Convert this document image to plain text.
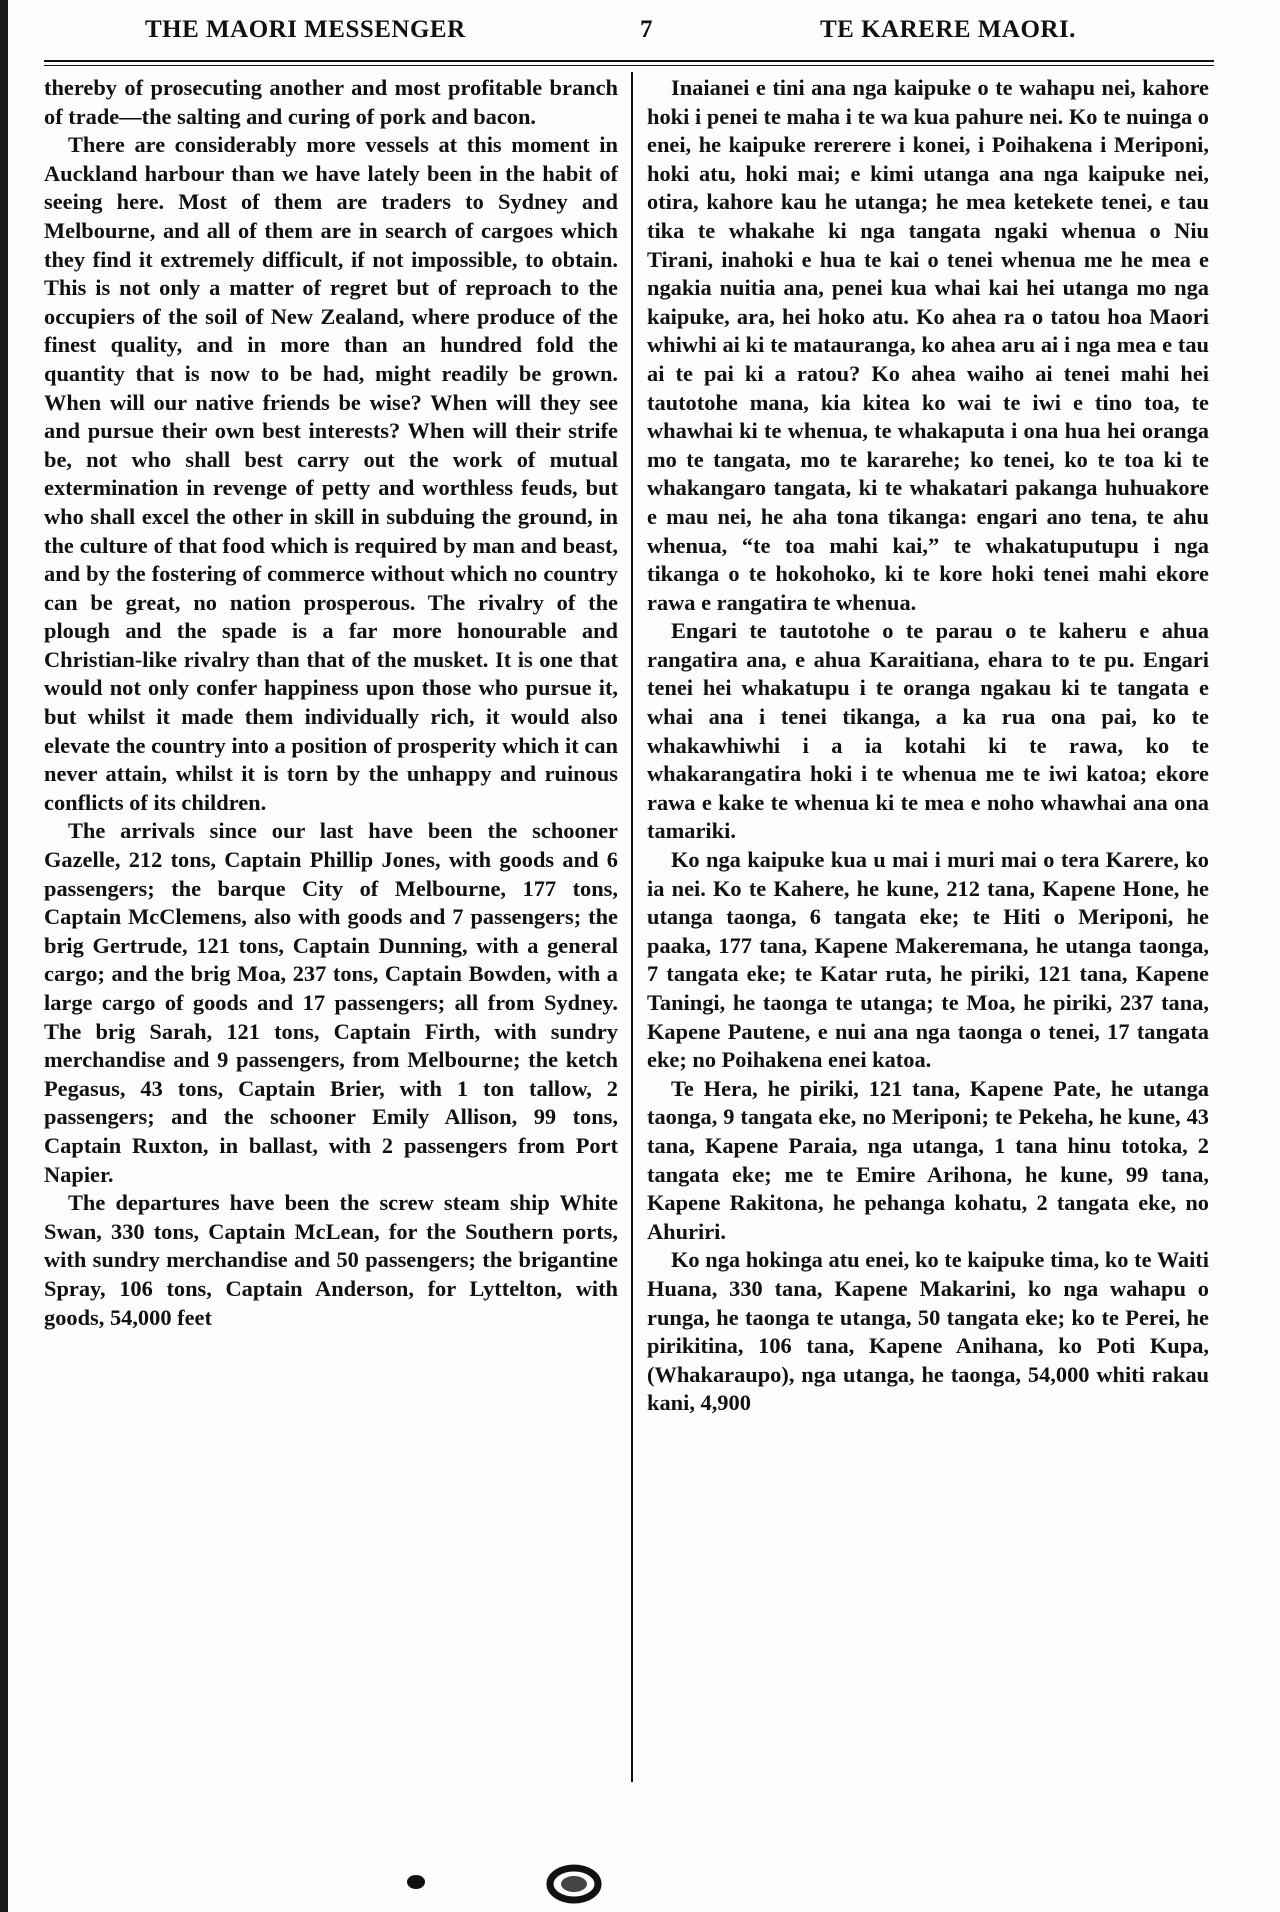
THE MAORI MESSENGER	7	TE KARERE MAORI.

thereby of prosecuting another and most profitable branch of trade—the salting and curing of pork and bacon.

There are considerably more vessels at this moment in Auckland harbour than we have lately been in the habit of seeing here. Most of them are traders to Sydney and Melbourne, and all of them are in search of cargoes which they find it extremely difficult, if not impossible, to obtain. This is not only a matter of regret but of reproach to the occupiers of the soil of New Zealand, where produce of the finest quality, and in more than an hundred fold the quantity that is now to be had, might readily be grown. When will our native friends be wise? When will they see and pursue their own best interests? When will their strife be, not who shall best carry out the work of mutual extermination in revenge of petty and worthless feuds, but who shall excel the other in skill in subduing the ground, in the culture of that food which is required by man and beast, and by the fostering of commerce without which no country can be great, no nation prosperous. The rivalry of the plough and the spade is a far more honourable and Christian-like rivalry than that of the musket. It is one that would not only confer happiness upon those who pursue it, but whilst it made them individually rich, it would also elevate the country into a position of prosperity which it can never attain, whilst it is torn by the unhappy and ruinous conflicts of its children.

The arrivals since our last have been the schooner Gazelle, 212 tons, Captain Phillip Jones, with goods and 6 passengers; the barque City of Melbourne, 177 tons, Captain McClemens, also with goods and 7 passengers; the brig Gertrude, 121 tons, Captain Dunning, with a general cargo; and the brig Moa, 237 tons, Captain Bowden, with a large cargo of goods and 17 passengers; all from Sydney. The brig Sarah, 121 tons, Captain Firth, with sundry merchandise and 9 passengers, from Melbourne; the ketch Pegasus, 43 tons, Captain Brier, with 1 ton tallow, 2 passengers; and the schooner Emily Allison, 99 tons, Captain Ruxton, in ballast, with 2 passengers from Port Napier.

The departures have been the screw steam ship White Swan, 330 tons, Captain McLean, for the Southern ports, with sundry merchandise and 50 passengers; the brigantine Spray, 106 tons, Captain Anderson, for Lyttelton, with goods, 54,000 feet

Inaianei e tini ana nga kaipuke o te wahapu nei, kahore hoki i penei te maha i te wa kua pahure nei. Ko te nuinga o enei, he kaipuke rererere i konei, i Poihakena i Meriponi, hoki atu, hoki mai; e kimi utanga ana nga kaipuke nei, otira, kahore kau he utanga; he mea ketekete tenei, e tau tika te whakahe ki nga tangata ngaki whenua o Niu Tirani, inahoki e hua te kai o tenei whenua me he mea e ngakia nuitia ana, penei kua whai kai hei utanga mo nga kaipuke, ara, hei hoko atu. Ko ahea ra o tatou hoa Maori whiwhi ai ki te matauranga, ko ahea aru ai i nga mea e tau ai te pai ki a ratou? Ko ahea waiho ai tenei mahi hei tautotohe mana, kia kitea ko wai te iwi e tino toa, te whawhai ki te whenua, te whakaputa i ona hua hei oranga mo te tangata, mo te kararehe; ko tenei, ko te toa ki te whakangaro tangata, ki te whakatari pakanga huhuakore e mau nei, he aha tona tikanga: engari ano tena, te ahu whenua, “te toa mahi kai,” te whakatuputupu i nga tikanga o te hokohoko, ki te kore hoki tenei mahi ekore rawa e rangatira te whenua.

Engari te tautotohe o te parau o te kaheru e ahua rangatira ana, e ahua Karaitiana, ehara to te pu. Engari tenei hei whakatupu i te oranga ngakau ki te tangata e whai ana i tenei tikanga, a ka rua ona pai, ko te whakawhiwhi i a ia kotahi ki te rawa, ko te whakarangatira hoki i te whenua me te iwi katoa; ekore rawa e kake te whenua ki te mea e noho whawhai ana ona tamariki.

Ko nga kaipuke kua u mai i muri mai o tera Karere, ko ia nei. Ko te Kahere, he kune, 212 tana, Kapene Hone, he utanga taonga, 6 tangata eke; te Hiti o Meriponi, he paaka, 177 tana, Kapene Makeremana, he utanga taonga, 7 tangata eke; te Katar ruta, he piriki, 121 tana, Kapene Taningi, he taonga te utanga; te Moa, he piriki, 237 tana, Kapene Pautene, e nui ana nga taonga o tenei, 17 tangata eke; no Poihakena enei katoa.

Te Hera, he piriki, 121 tana, Kapene Pate, he utanga taonga, 9 tangata eke, no Meriponi; te Pekeha, he kune, 43 tana, Kapene Paraia, nga utanga, 1 tana hinu totoka, 2 tangata eke; me te Emire Arihona, he kune, 99 tana, Kapene Rakitona, he pehanga kohatu, 2 tangata eke, no Ahuriri.

Ko nga hokinga atu enei, ko te kaipuke tima, ko te Waiti Huana, 330 tana, Kapene Makarini, ko nga wahapu o runga, he taonga te utanga, 50 tangata eke; ko te Perei, he pirikitina, 106 tana, Kapene Anihana, ko Poti Kupa, (Whakaraupo), nga utanga, he taonga, 54,000 whiti rakau kani, 4,900
